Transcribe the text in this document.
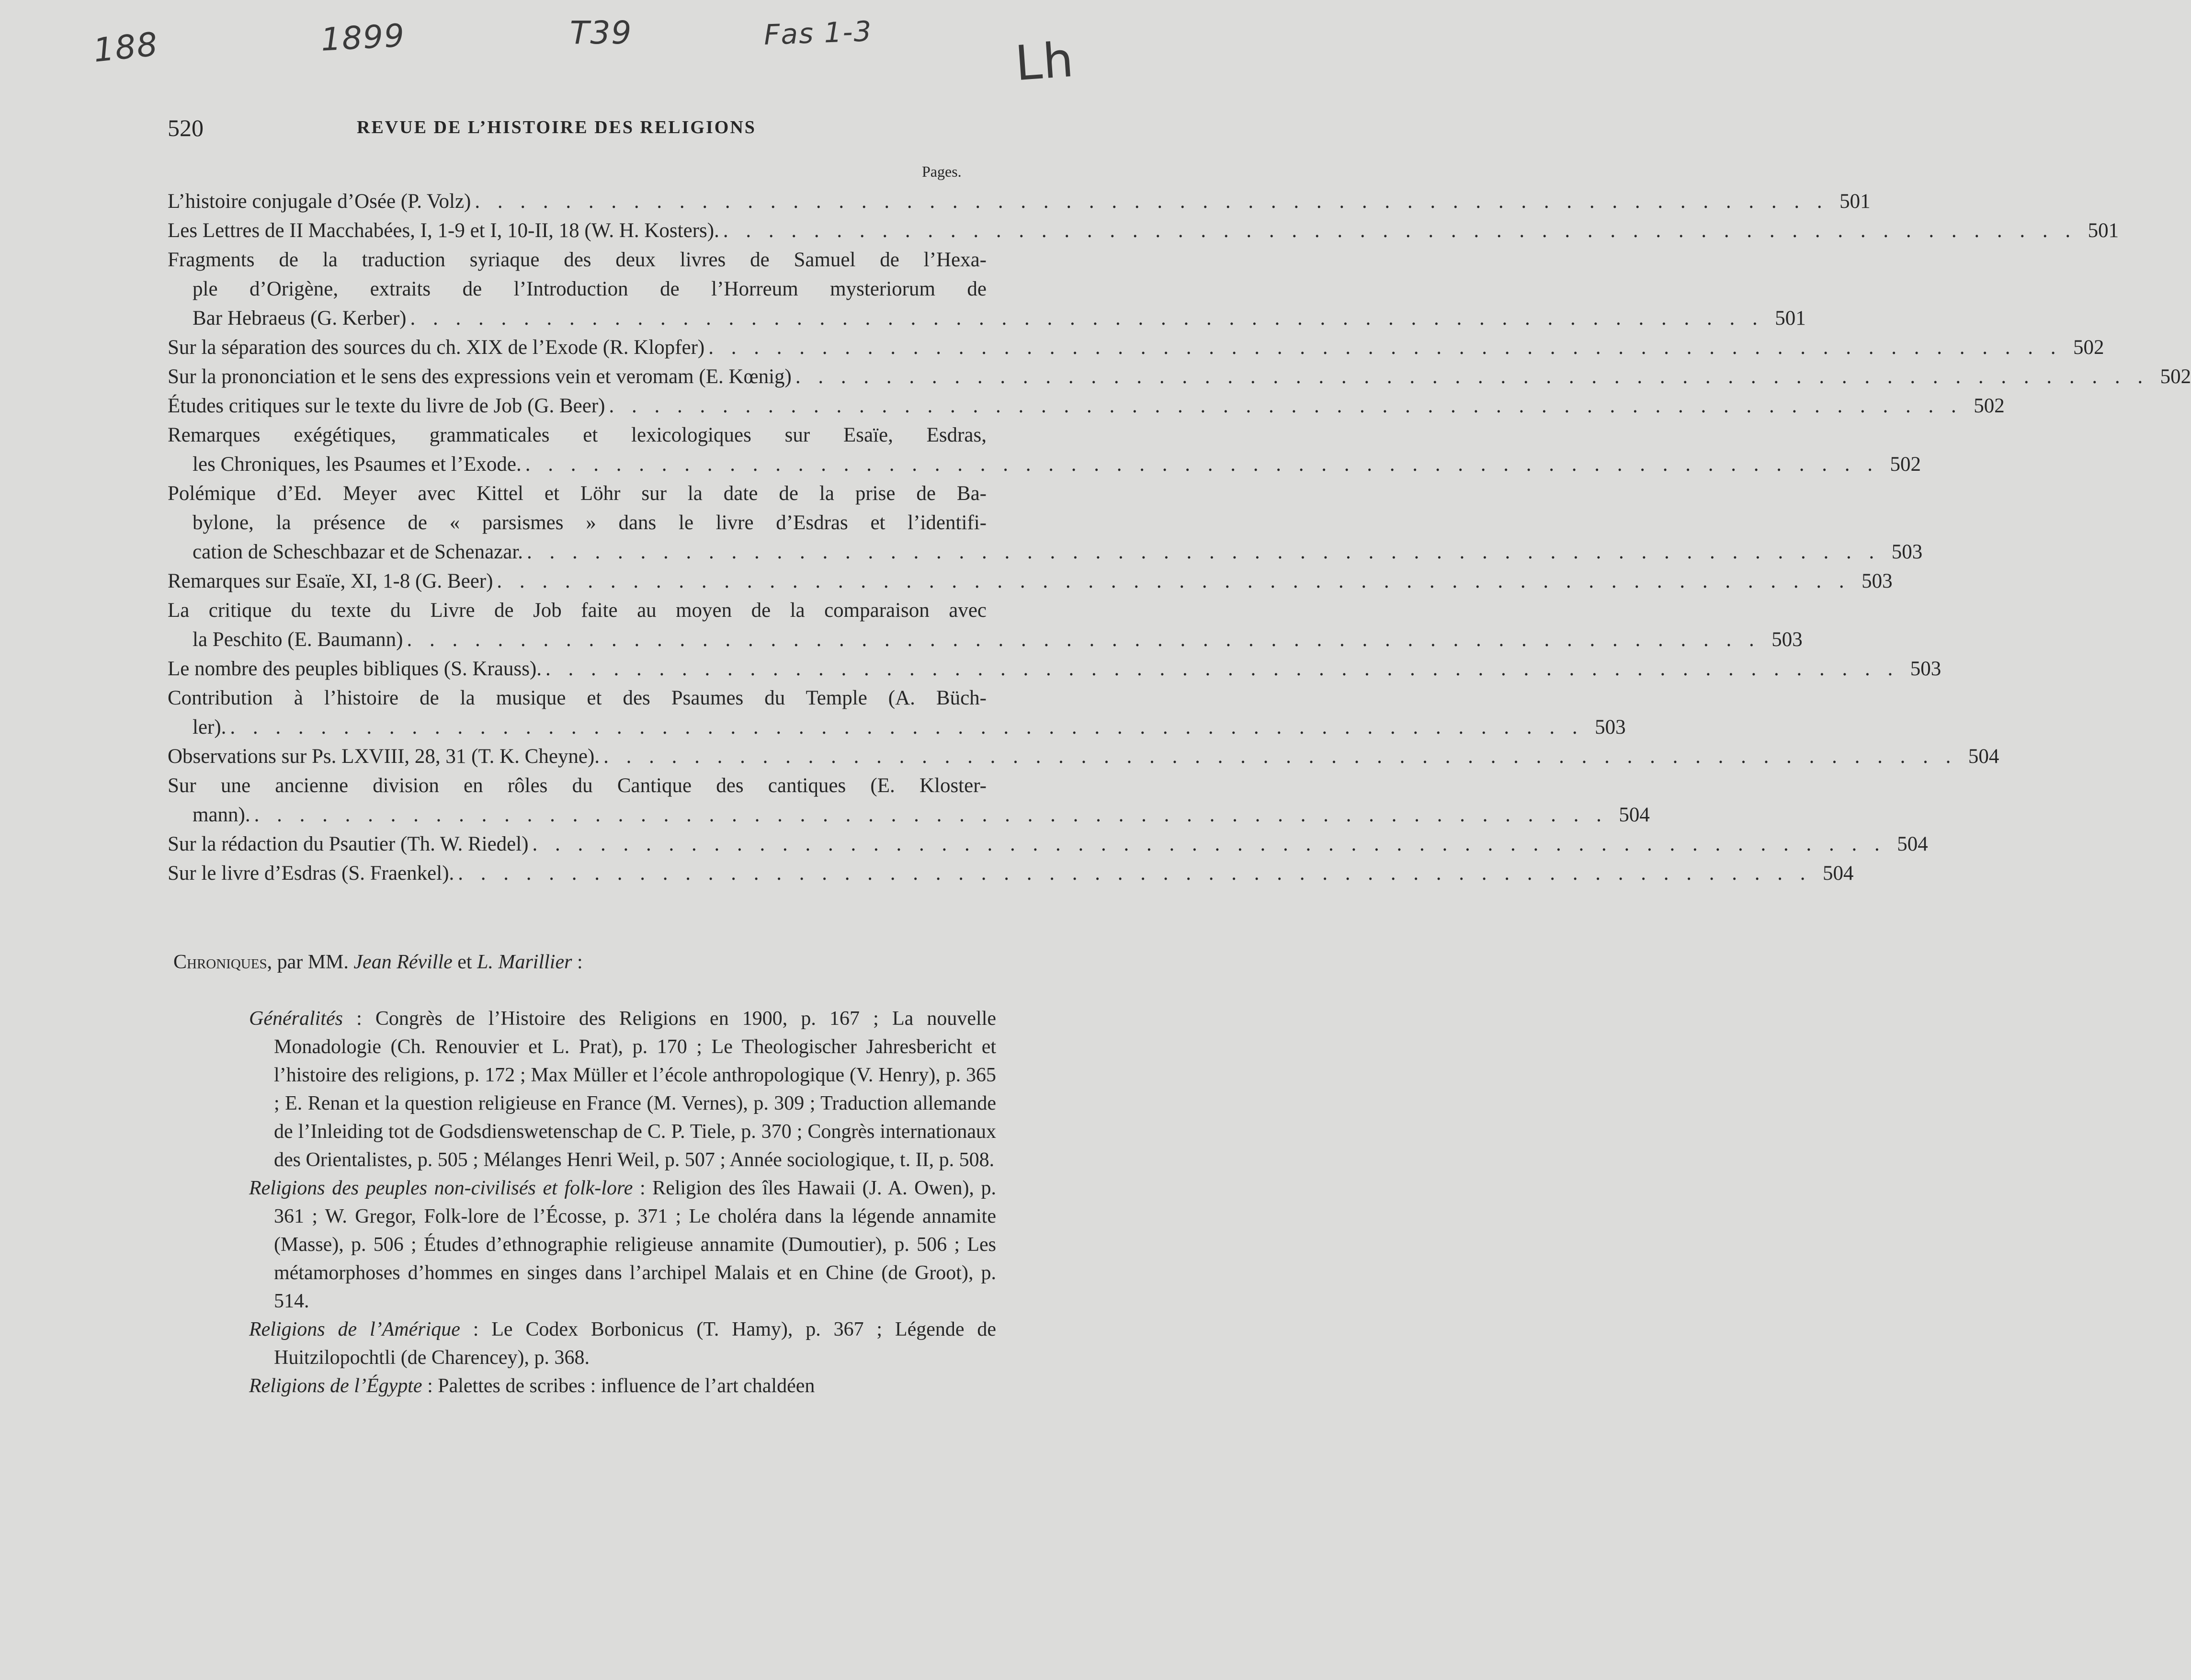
188	1899	T39	Fas 1-3	Lh
520	REVUE DE L’HISTOIRE DES RELIGIONS
Pages.
L’histoire conjugale d’Osée (P. Volz) . . . . . . . . . . . . . . . . . . . . . . . . . . . . . . . . . . . . . . . . . . . . . . . . . . . . . . . . . . . . 501
Les Lettres de II Macchabées, I, 1-9 et I, 10-II, 18 (W. H. Kosters). . . . . . . . . . . . . . . . . . . . . . . . . . . . . . . . . . . . . . . . . . . . . . . . . . . . . . . . . . . . . 501
Fragments de la traduction syriaque des deux livres de Samuel de l’Hexa-
ple d’Origène, extraits de l’Introduction de l’Horreum mysteriorum de
Bar Hebraeus (G. Kerber) . . . . . . . . . . . . . . . . . . . . . . . . . . . . . . . . . . . . . . . . . . . . . . . . . . . . . . . . . . . . 501
Sur la séparation des sources du ch. XIX de l’Exode (R. Klopfer) . . . . . . . . . . . . . . . . . . . . . . . . . . . . . . . . . . . . . . . . . . . . . . . . . . . . . . . . . . . . 502
Sur la prononciation et le sens des expressions vein et veromam (E. Kœnig) . . . . . . . . . . . . . . . . . . . . . . . . . . . . . . . . . . . . . . . . . . . . . . . . . . . . . . . . . . . . 502
Études critiques sur le texte du livre de Job (G. Beer) . . . . . . . . . . . . . . . . . . . . . . . . . . . . . . . . . . . . . . . . . . . . . . . . . . . . . . . . . . . . 502
Remarques exégétiques, grammaticales et lexicologiques sur Esaïe, Esdras,
les Chroniques, les Psaumes et l’Exode. . . . . . . . . . . . . . . . . . . . . . . . . . . . . . . . . . . . . . . . . . . . . . . . . . . . . . . . . . . . . 502
Polémique d’Ed. Meyer avec Kittel et Löhr sur la date de la prise de Ba-
bylone, la présence de « parsismes » dans le livre d’Esdras et l’identifi-
cation de Scheschbazar et de Schenazar. . . . . . . . . . . . . . . . . . . . . . . . . . . . . . . . . . . . . . . . . . . . . . . . . . . . . . . . . . . . . 503
Remarques sur Esaïe, XI, 1-8 (G. Beer) . . . . . . . . . . . . . . . . . . . . . . . . . . . . . . . . . . . . . . . . . . . . . . . . . . . . . . . . . . . . 503
La critique du texte du Livre de Job faite au moyen de la comparaison avec
la Peschito (E. Baumann) . . . . . . . . . . . . . . . . . . . . . . . . . . . . . . . . . . . . . . . . . . . . . . . . . . . . . . . . . . . . 503
Le nombre des peuples bibliques (S. Krauss). . . . . . . . . . . . . . . . . . . . . . . . . . . . . . . . . . . . . . . . . . . . . . . . . . . . . . . . . . . . . 503
Contribution à l’histoire de la musique et des Psaumes du Temple (A. Büch-
ler). . . . . . . . . . . . . . . . . . . . . . . . . . . . . . . . . . . . . . . . . . . . . . . . . . . . . . . . . . . . . 503
Observations sur Ps. LXVIII, 28, 31 (T. K. Cheyne). . . . . . . . . . . . . . . . . . . . . . . . . . . . . . . . . . . . . . . . . . . . . . . . . . . . . . . . . . . . . 504
Sur une ancienne division en rôles du Cantique des cantiques (E. Kloster-
mann). . . . . . . . . . . . . . . . . . . . . . . . . . . . . . . . . . . . . . . . . . . . . . . . . . . . . . . . . . . . . 504
Sur la rédaction du Psautier (Th. W. Riedel) . . . . . . . . . . . . . . . . . . . . . . . . . . . . . . . . . . . . . . . . . . . . . . . . . . . . . . . . . . . . 504
Sur le livre d’Esdras (S. Fraenkel). . . . . . . . . . . . . . . . . . . . . . . . . . . . . . . . . . . . . . . . . . . . . . . . . . . . . . . . . . . . . 504
Chroniques, par MM. Jean Réville et L. Marillier :
Généralités : Congrès de l’Histoire des Religions en 1900, p. 167 ; La nouvelle Monadologie (Ch. Renouvier et L. Prat), p. 170 ; Le Theologischer Jahresbericht et l’histoire des religions, p. 172 ; Max Müller et l’école anthropologique (V. Henry), p. 365 ; E. Renan et la question religieuse en France (M. Vernes), p. 309 ; Traduction allemande de l’Inleiding tot de Godsdienswetenschap de C. P. Tiele, p. 370 ; Congrès internationaux des Orientalistes, p. 505 ; Mélanges Henri Weil, p. 507 ; Année sociologique, t. II, p. 508.
Religions des peuples non-civilisés et folk-lore : Religion des îles Hawaii (J. A. Owen), p. 361 ; W. Gregor, Folk-lore de l’Écosse, p. 371 ; Le choléra dans la légende annamite (Masse), p. 506 ; Études d’ethnographie religieuse annamite (Dumoutier), p. 506 ; Les métamorphoses d’hommes en singes dans l’archipel Malais et en Chine (de Groot), p. 514.
Religions de l’Amérique : Le Codex Borbonicus (T. Hamy), p. 367 ; Légende de Huitzilopochtli (de Charencey), p. 368.
Religions de l’Égypte : Palettes de scribes : influence de l’art chaldéen
